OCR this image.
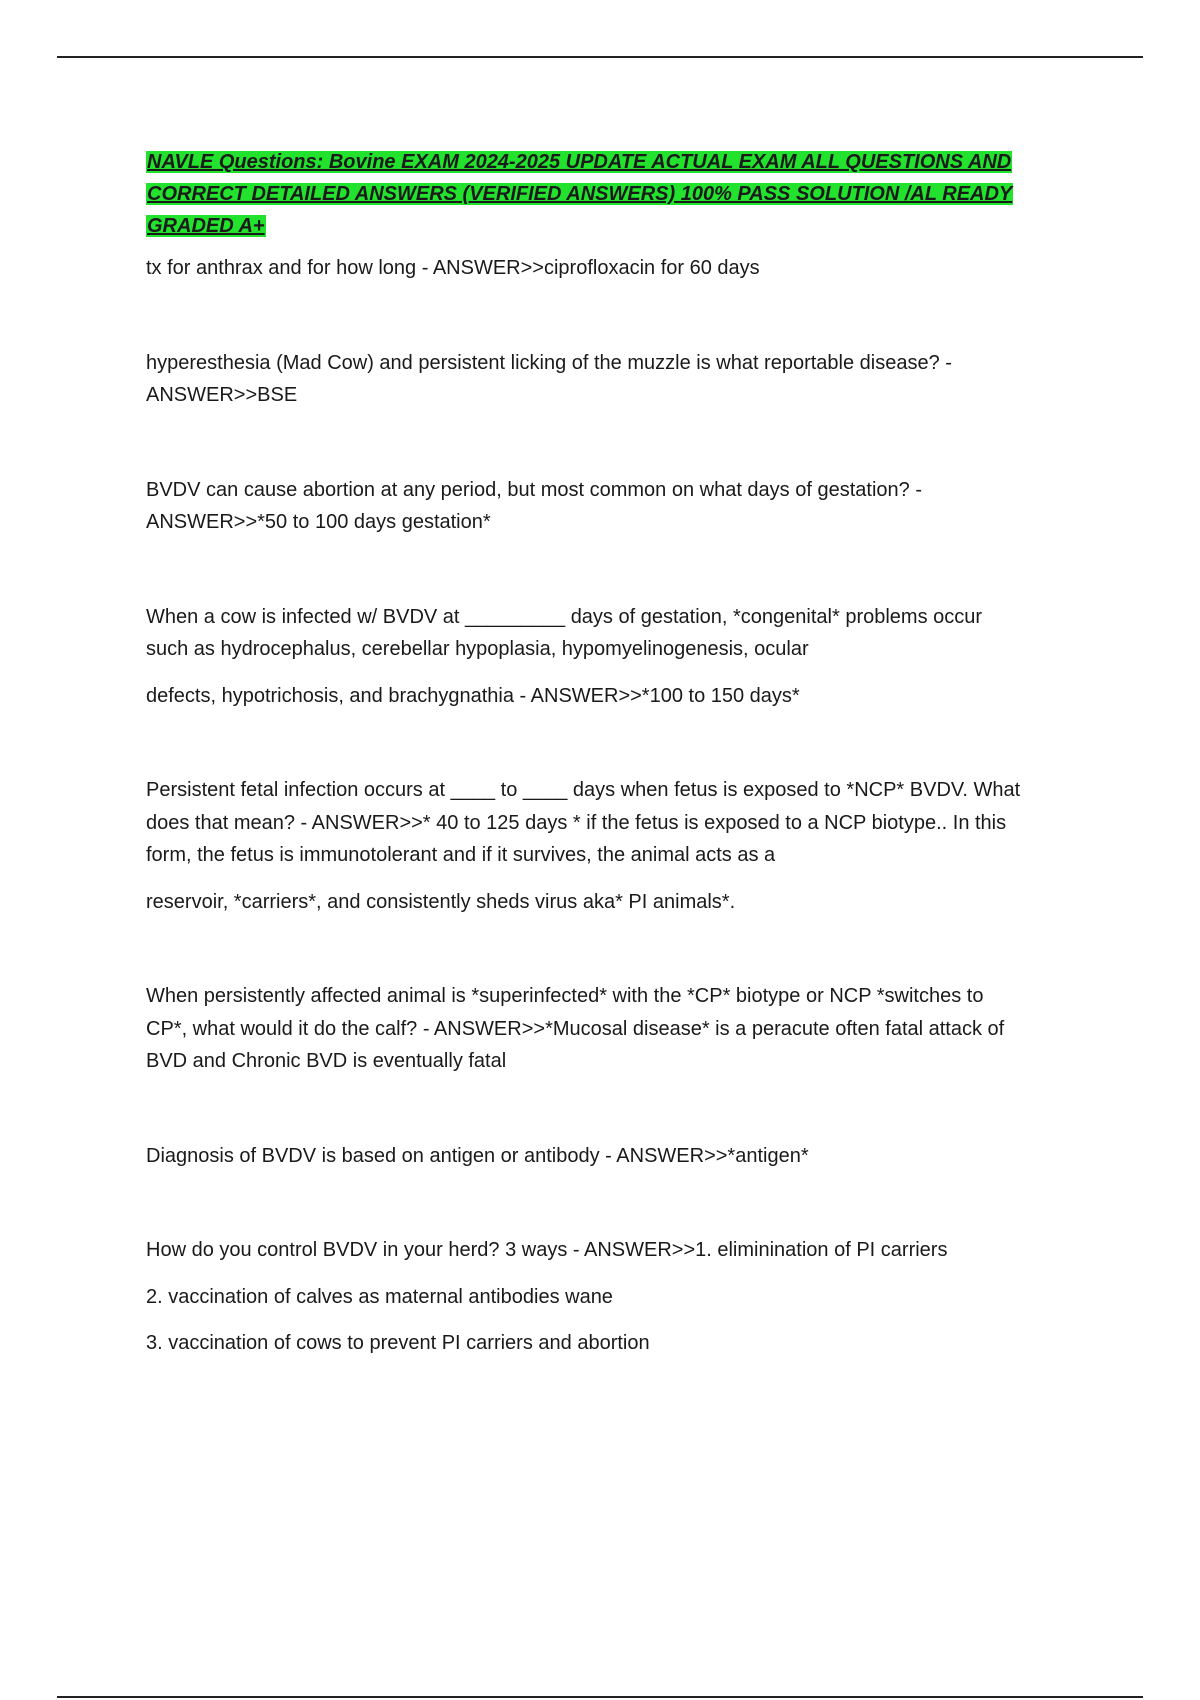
NAVLE Questions: Bovine EXAM 2024-2025 UPDATE ACTUAL EXAM ALL QUESTIONS AND CORRECT DETAILED ANSWERS (VERIFIED ANSWERS) 100% PASS SOLUTION /AL READY GRADED A+

tx for anthrax and for how long - ANSWER>>ciprofloxacin for 60 days

hyperesthesia (Mad Cow) and persistent licking of the muzzle is what reportable disease? - ANSWER>>BSE

BVDV can cause abortion at any period, but most common on what days of gestation? - ANSWER>>*50 to 100 days gestation*

When a cow is infected w/ BVDV at _________ days of gestation, *congenital* problems occur such as hydrocephalus, cerebellar hypoplasia, hypomyelinogenesis, ocular

defects, hypotrichosis, and brachygnathia - ANSWER>>*100 to 150 days*

Persistent fetal infection occurs at ____ to ____ days when fetus is exposed to *NCP* BVDV. What does that mean? - ANSWER>>* 40 to 125 days * if the fetus is exposed to a NCP biotype.. In this form, the fetus is immunotolerant and if it survives, the animal acts as a

reservoir, *carriers*, and consistently sheds virus aka* PI animals*.

When persistently affected animal is *superinfected* with the *CP* biotype or NCP *switches to CP*, what would it do the calf? - ANSWER>>*Mucosal disease* is a peracute often fatal attack of BVD and Chronic BVD is eventually fatal

Diagnosis of BVDV is based on antigen or antibody - ANSWER>>*antigen*

How do you control BVDV in your herd? 3 ways - ANSWER>>1. eliminination of PI carriers

2. vaccination of calves as maternal antibodies wane

3. vaccination of cows to prevent PI carriers and abortion
